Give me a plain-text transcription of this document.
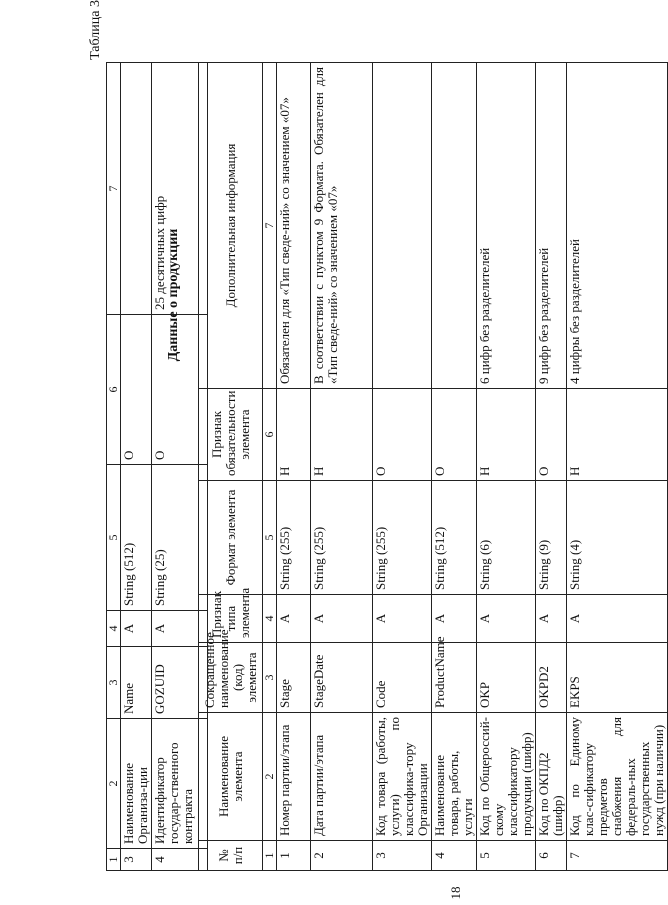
1	2	3	4	5	6	7
3	Наименование Организа-ции	Name	А	String (512)	О	
4	Идентификатор государ-ственного контракта	GOZUID	А	String (25)	О	25 десятичных цифр
18
Таблица 3
Данные о продукции
№ п/п	Наименование элемента	Сокращенное наименование (код) элемента	Признак типа элемента	Формат элемента	Признак обязательности элемента	Дополнительная информация
1	2	3	4	5	6	7
1	Номер партии/этапа	Stage	А	String (255)	Н	Обязателен для «Тип сведе-ний» со значением «07»
2	Дата партии/этапа	StageDate	А	String (255)	Н	В соответствии с пунктом 9 Формата. Обязателен для «Тип сведе-ний» со значением «07»
3	Код товара (работы, услуги) по классифика-тору Организации	Code	А	String (255)	О	
4	Наименование товара, работы, услуги	ProductName	А	String (512)	О	
5	Код по Общероссий-скому классификатору продукции (шифр)	OKP	А	String (6)	Н	6 цифр без разделителей
6	Код по ОКПД2 (шифр)	OKPD2	А	String (9)	О	9 цифр без разделителей
7	Код по Единому клас-сификатору предметов снабжения для федераль-ных государственных нужд (при наличии)	EKPS	А	String (4)	Н	4 цифры без разделителей
